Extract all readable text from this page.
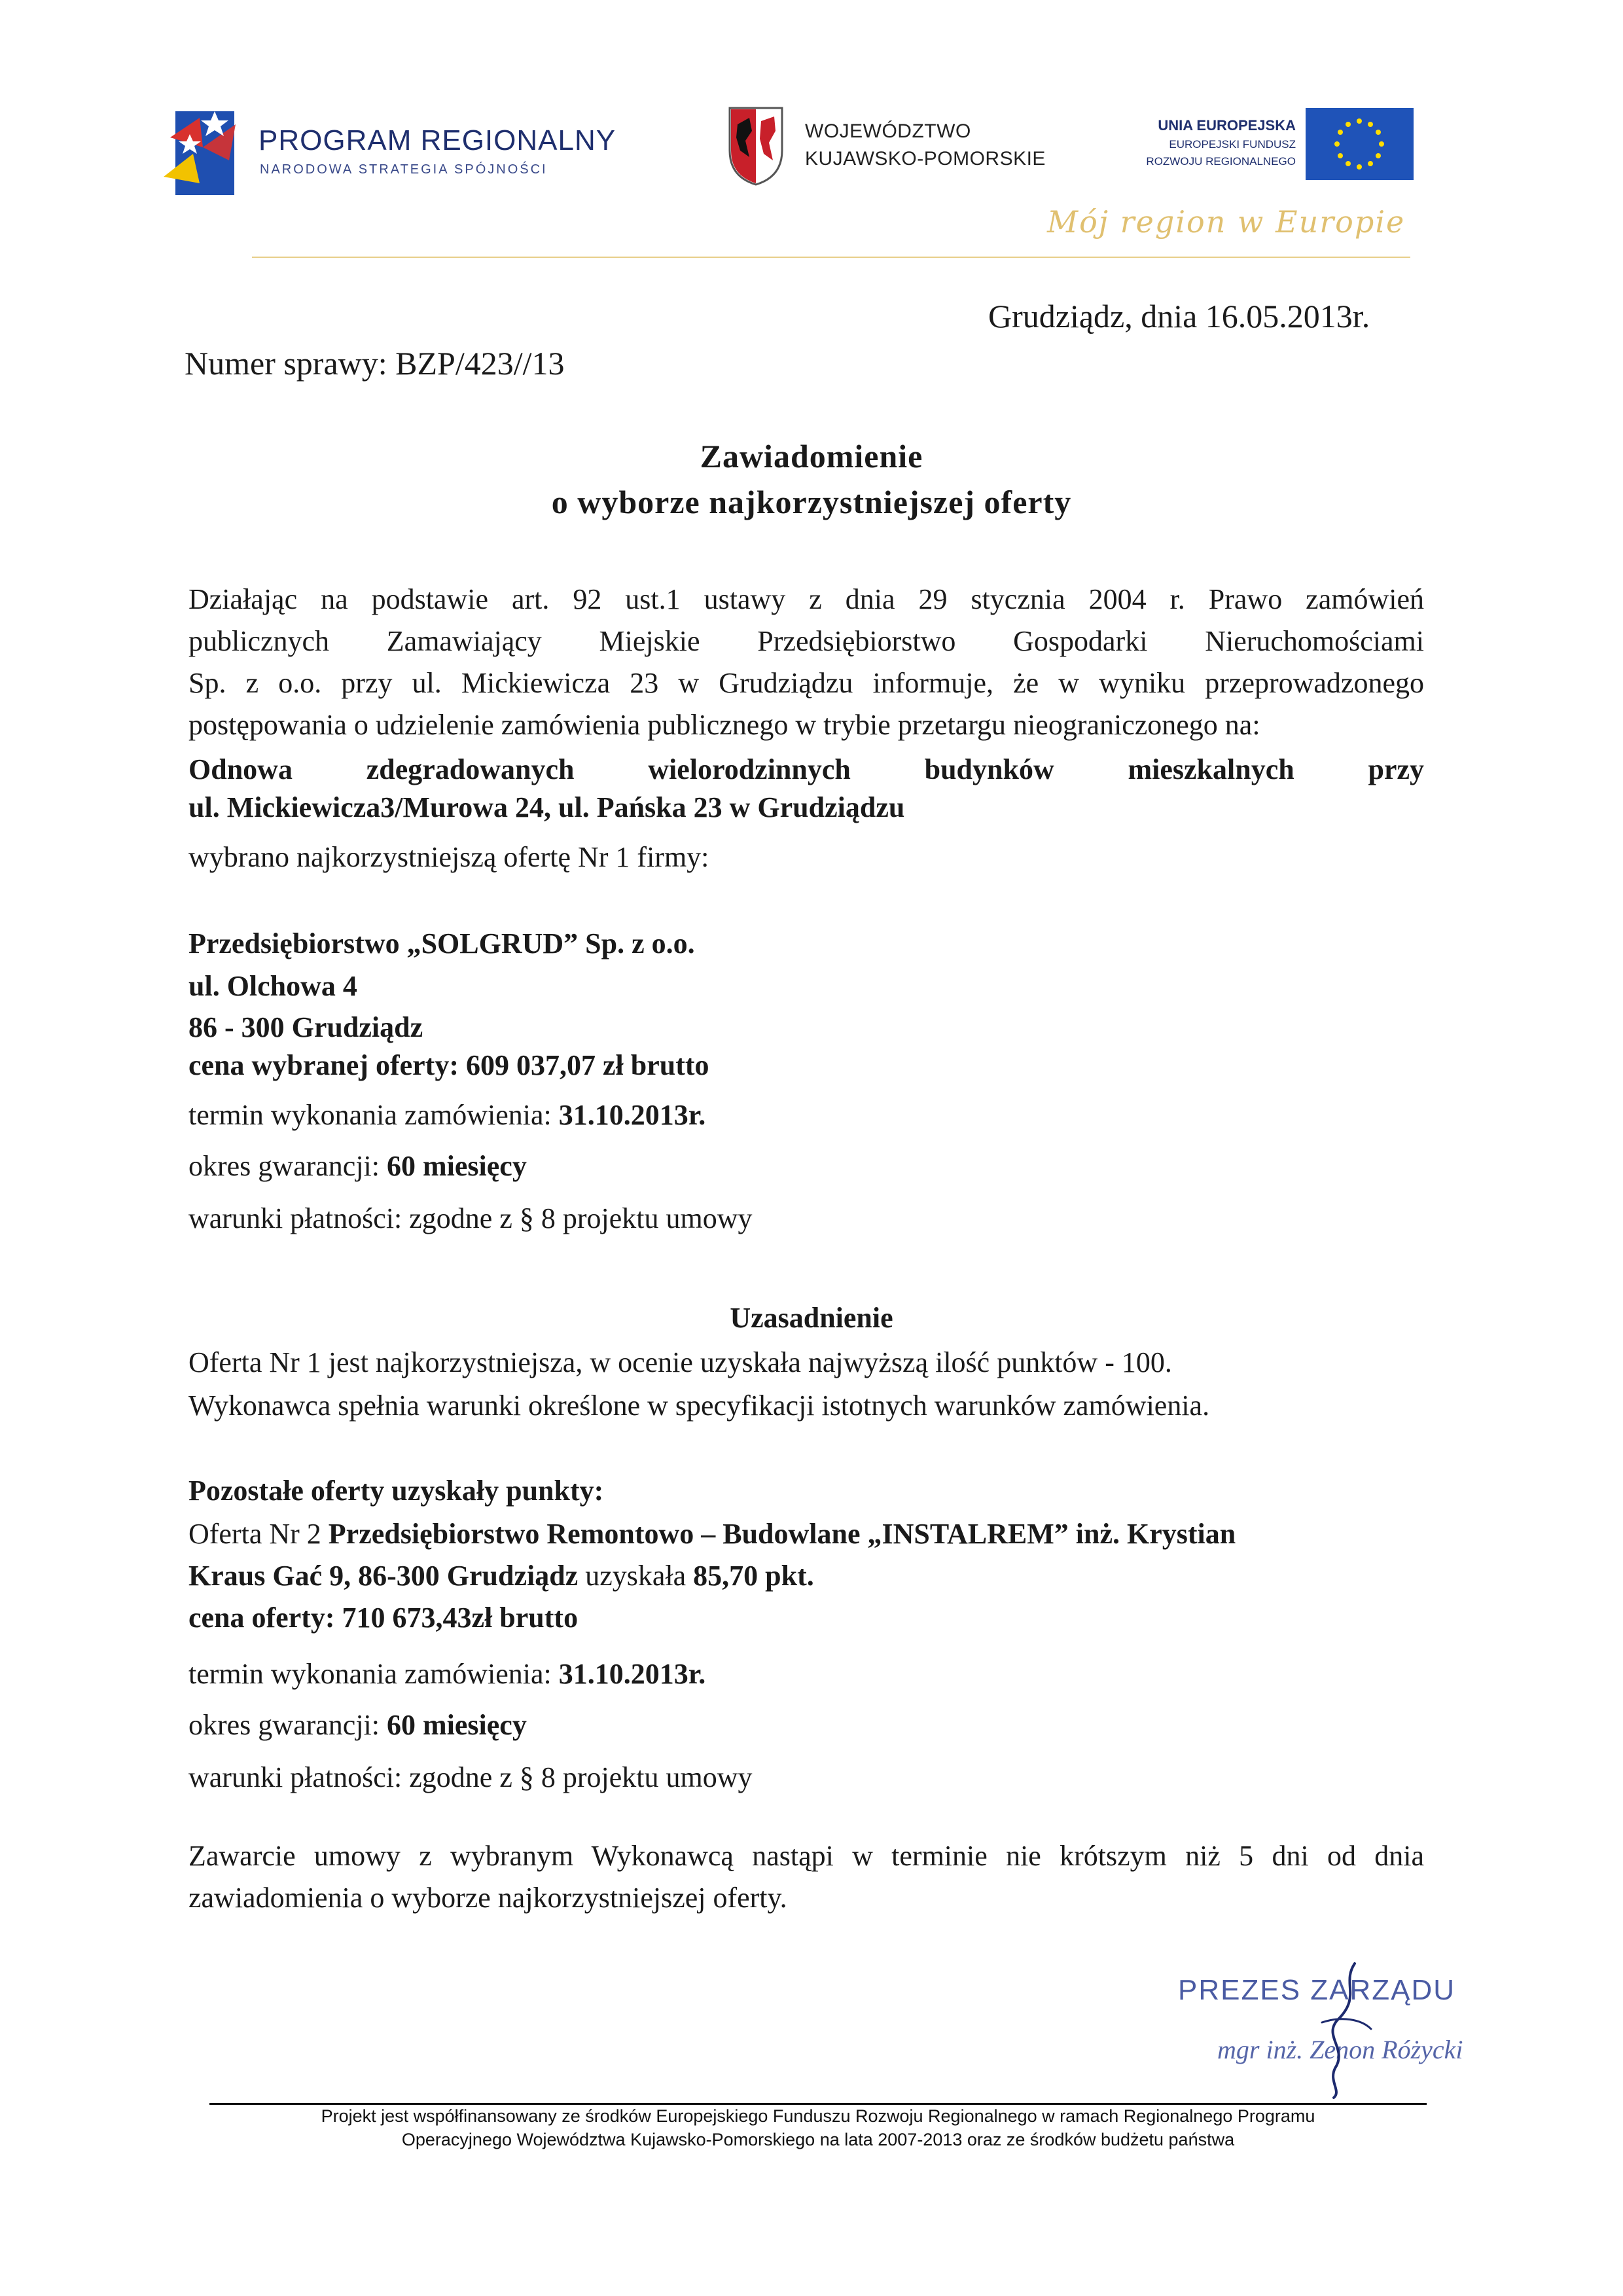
PROGRAM REGIONALNY
NARODOWA STRATEGIA SPÓJNOŚCI
WOJEWÓDZTWO
KUJAWSKO-POMORSKIE
UNIA EUROPEJSKA
EUROPEJSKI FUNDUSZ
ROZWOJU REGIONALNEGO
Mój region w Europie
Grudziądz, dnia 16.05.2013r.
Numer sprawy: BZP/423//13
Zawiadomienie
o wyborze najkorzystniejszej oferty
Działając na podstawie art. 92 ust.1 ustawy z dnia 29 stycznia 2004 r. Prawo zamówień
publicznych Zamawiający Miejskie Przedsiębiorstwo Gospodarki Nieruchomościami
Sp. z o.o. przy ul. Mickiewicza 23 w Grudziądzu informuje, że w wyniku przeprowadzonego
postępowania o udzielenie zamówienia publicznego w trybie przetargu nieograniczonego na:
Odnowa zdegradowanych wielorodzinnych budynków mieszkalnych przy
ul. Mickiewicza3/Murowa 24, ul. Pańska 23 w Grudziądzu
wybrano najkorzystniejszą ofertę Nr 1 firmy:
Przedsiębiorstwo „SOLGRUD” Sp. z o.o.
ul. Olchowa 4
86 - 300 Grudziądz
cena wybranej oferty: 609 037,07 zł brutto
termin wykonania zamówienia: 31.10.2013r.
okres gwarancji: 60 miesięcy
warunki płatności: zgodne z § 8 projektu umowy
Uzasadnienie
Oferta Nr 1 jest najkorzystniejsza, w ocenie uzyskała najwyższą ilość punktów - 100.
Wykonawca spełnia warunki określone w specyfikacji istotnych warunków zamówienia.
Pozostałe oferty uzyskały punkty:
Oferta Nr 2 Przedsiębiorstwo Remontowo – Budowlane „INSTALREM” inż. Krystian
Kraus Gać 9, 86-300 Grudziądz uzyskała 85,70 pkt.
cena oferty: 710 673,43zł brutto
termin wykonania zamówienia: 31.10.2013r.
okres gwarancji: 60 miesięcy
warunki płatności: zgodne z § 8 projektu umowy
Zawarcie umowy z wybranym Wykonawcą nastąpi w terminie nie krótszym niż 5 dni od dnia
zawiadomienia o wyborze najkorzystniejszej oferty.
PREZES ZARZĄDU
mgr inż. Zenon Różycki
Projekt jest współfinansowany ze środków Europejskiego Funduszu Rozwoju Regionalnego w ramach Regionalnego Programu
Operacyjnego Województwa Kujawsko-Pomorskiego na lata 2007-2013 oraz ze środków budżetu państwa
